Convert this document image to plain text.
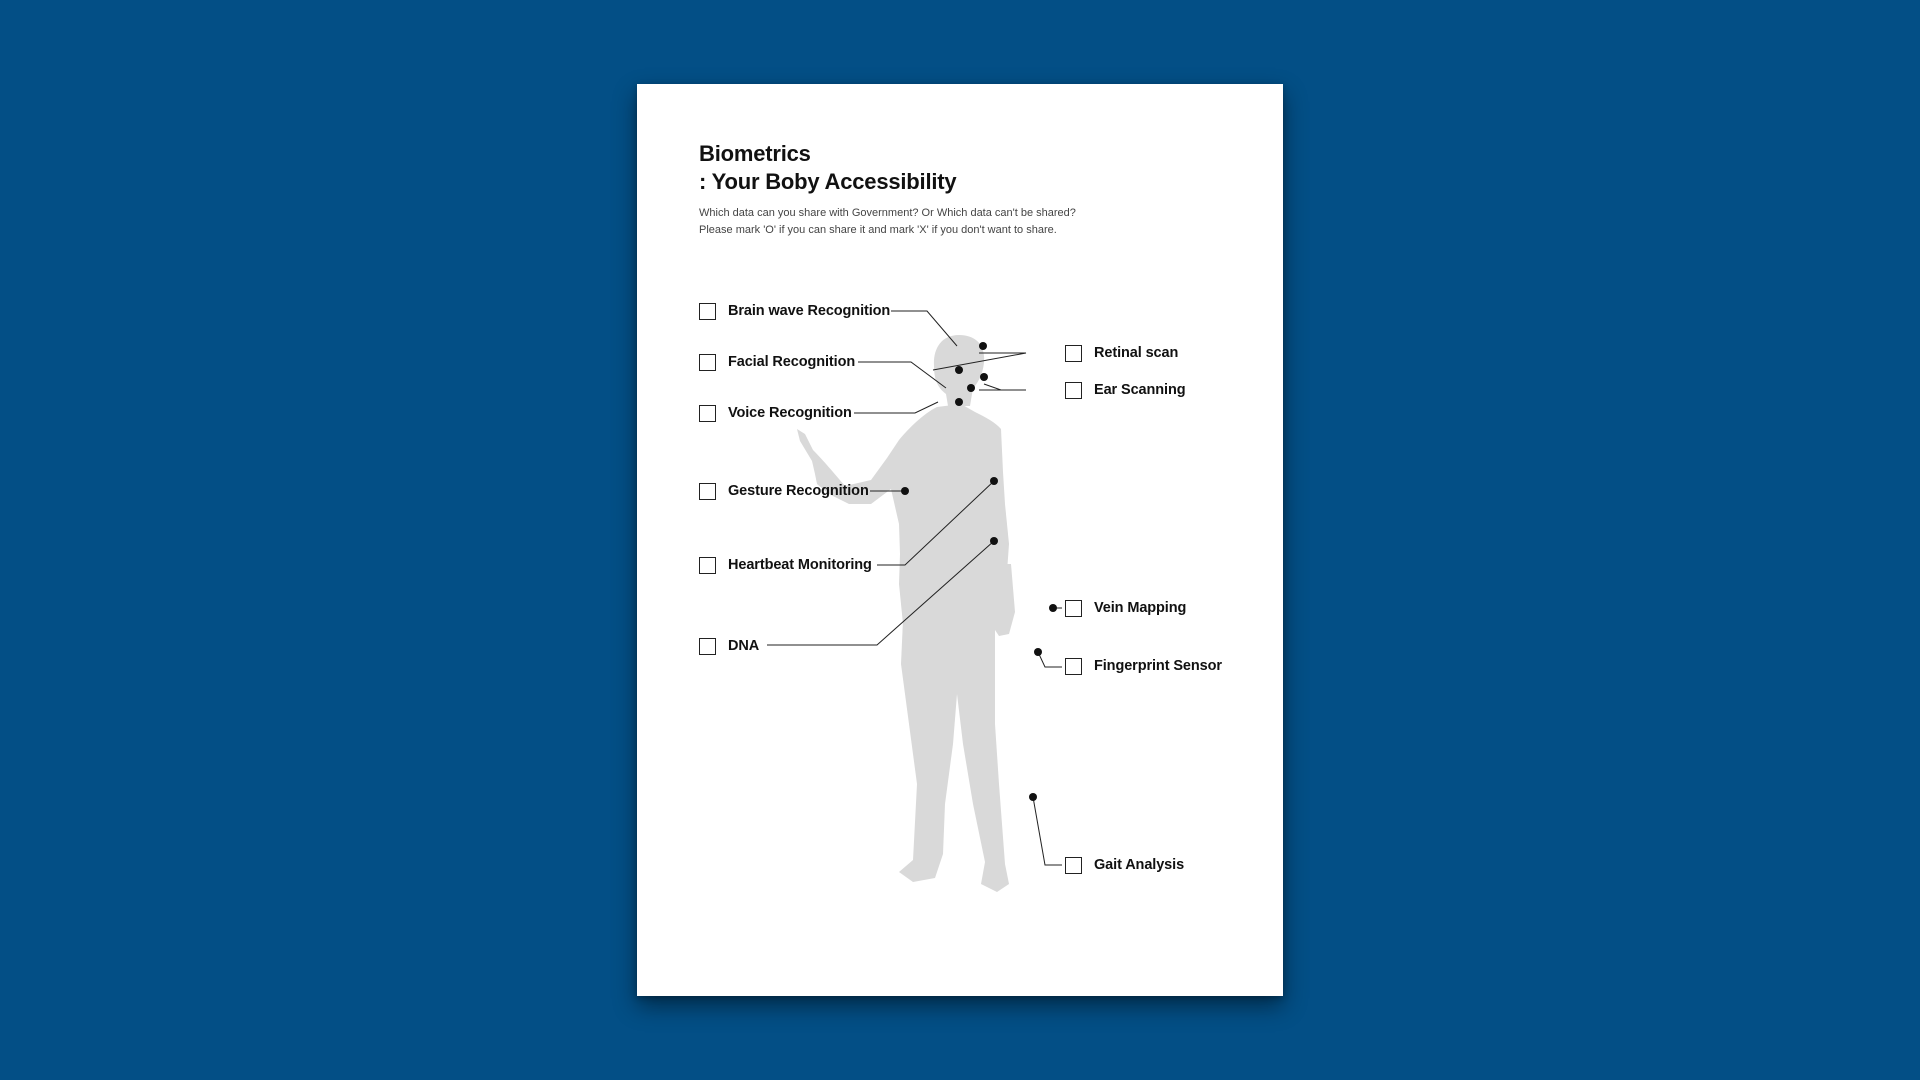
Biometrics
: Your Boby Accessibility
Which data can you share with Government? Or Which data can't be shared?
Please mark 'O' if you can share it and mark 'X' if you don't want to share.
Brain wave Recognition
Facial Recognition
Voice Recognition
Gesture Recognition
Heartbeat Monitoring
DNA
Retinal scan
Ear Scanning
Vein Mapping
Fingerprint Sensor
Gait Analysis
